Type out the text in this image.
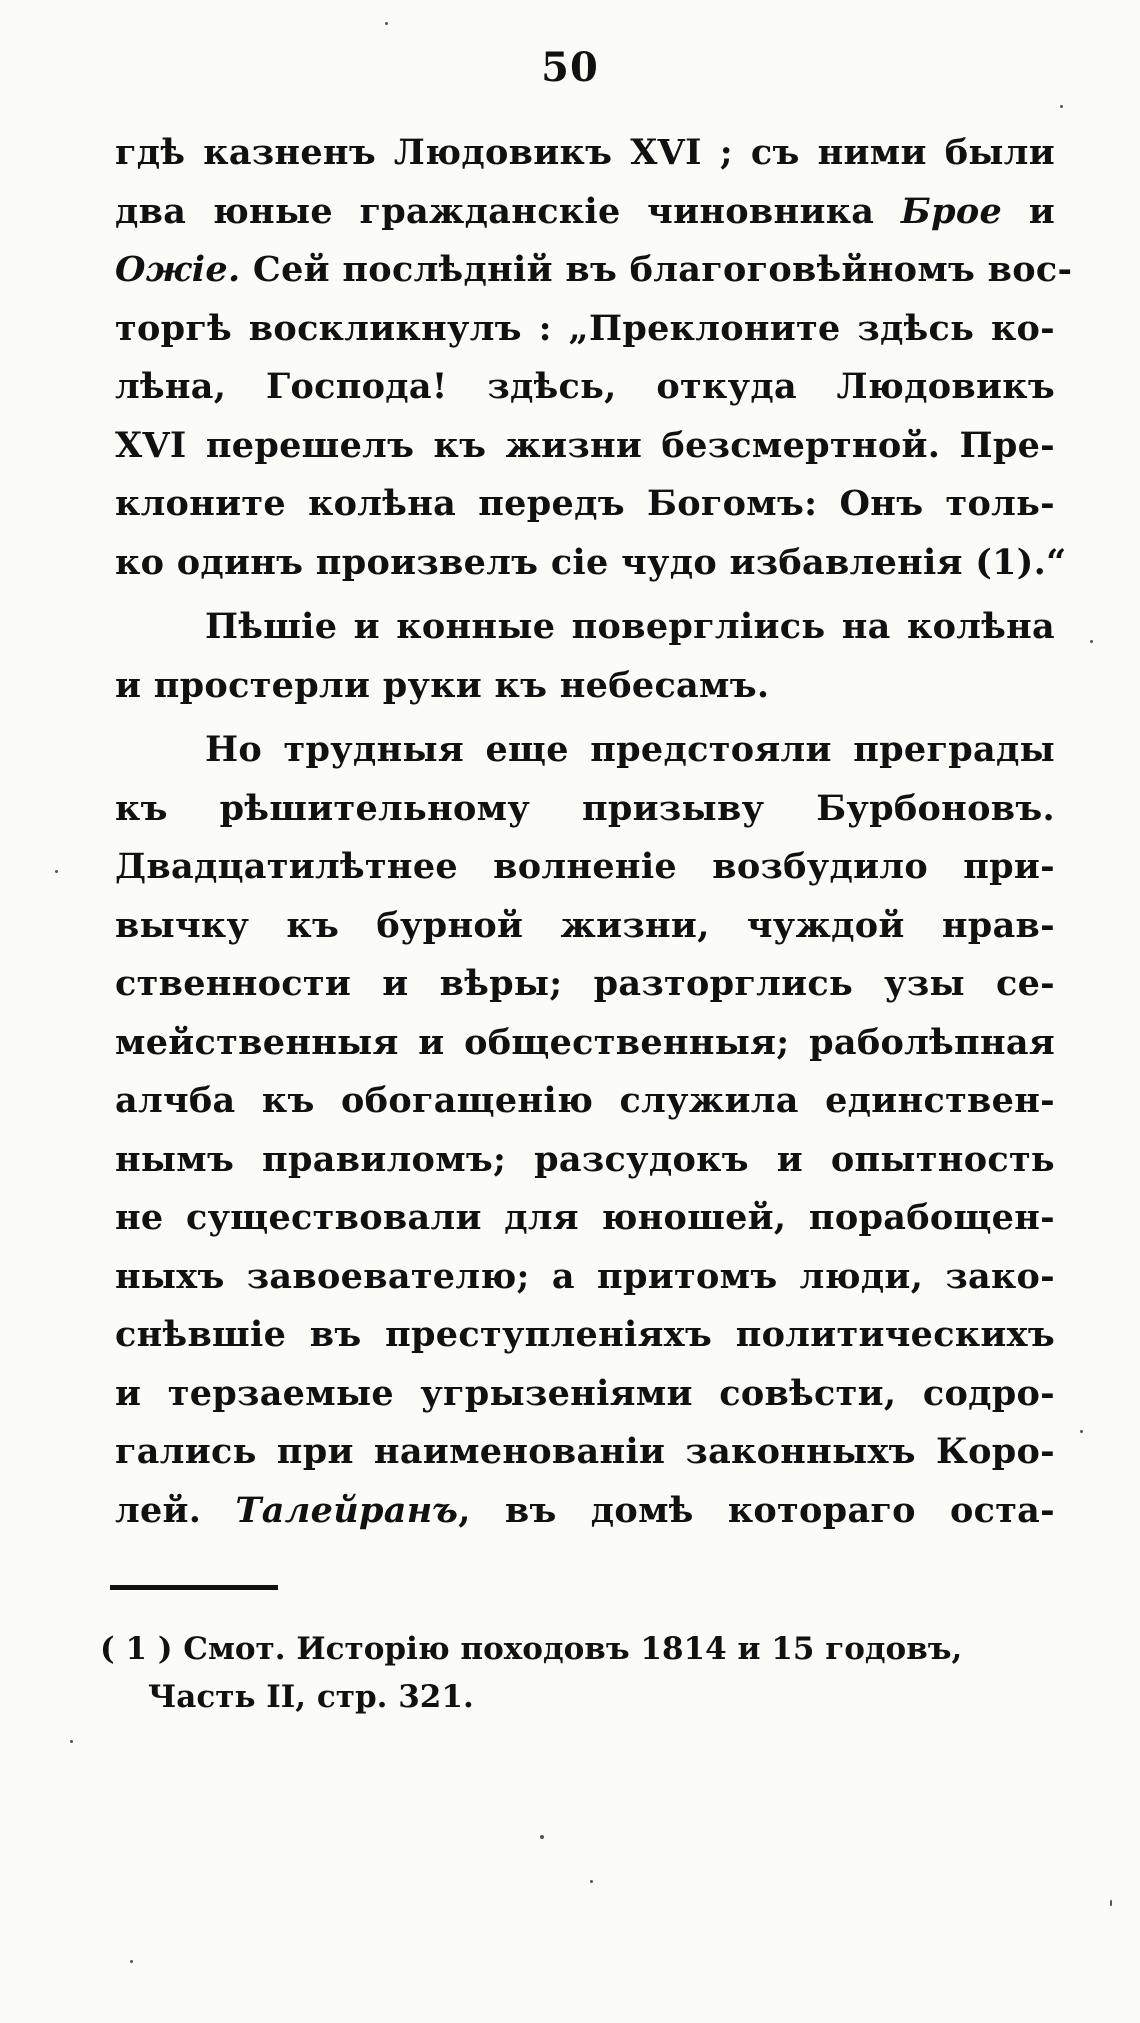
50
гдѣ казненъ Людовикъ XVI ; съ ними были
два юные гражданскіе чиновника Брое и
Ожіе. Сей послѣдній въ благоговѣйномъ вос-
торгѣ воскликнулъ : „Преклоните здѣсь ко-
лѣна, Господа! здѣсь, откуда Людовикъ
XVI перешелъ къ жизни безсмертной. Пре-
клоните колѣна передъ Богомъ: Онъ толь-
ко одинъ произвелъ сіе чудо избавленія (1).“
Пѣшіе и конные повергліись на колѣна
и простерли руки къ небесамъ.
Но трудныя еще предстояли преграды
къ рѣшительному призыву Бурбоновъ.
Двадцатилѣтнее волненіе возбудило при-
вычку къ бурной жизни, чуждой нрав-
ственности и вѣры; разторглись узы се-
мейственныя и общественныя; раболѣпная
алчба къ обогащенію служила единствен-
нымъ правиломъ; разсудокъ и опытность
не существовали для юношей, порабощен-
ныхъ завоевателю; а притомъ люди, зако-
снѣвшіе въ преступленіяхъ политическихъ
и терзаемые угрызеніями совѣсти, содро-
гались при наименованіи законныхъ Коро-
лей. Талейранъ, въ домѣ котораго оста-
( 1 ) Смот. Исторію походовъ 1814 и 15 годовъ,
Часть II, стр. 321.
